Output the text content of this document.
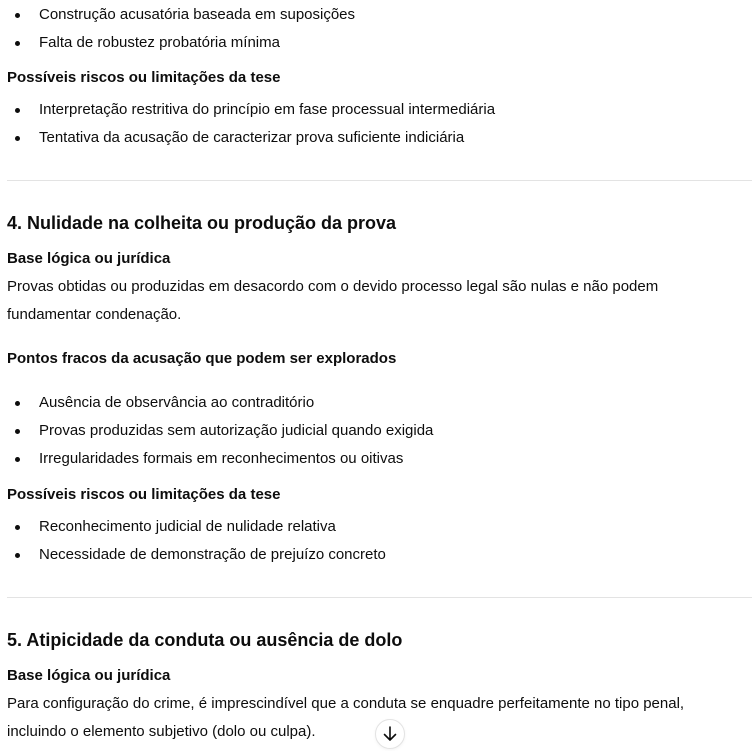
Construção acusatória baseada em suposições
Falta de robustez probatória mínima
Possíveis riscos ou limitações da tese
Interpretação restritiva do princípio em fase processual intermediária
Tentativa da acusação de caracterizar prova suficiente indiciária
4. Nulidade na colheita ou produção da prova
Base lógica ou jurídica
Provas obtidas ou produzidas em desacordo com o devido processo legal são nulas e não podem
fundamentar condenação.
Pontos fracos da acusação que podem ser explorados
Ausência de observância ao contraditório
Provas produzidas sem autorização judicial quando exigida
Irregularidades formais em reconhecimentos ou oitivas
Possíveis riscos ou limitações da tese
Reconhecimento judicial de nulidade relativa
Necessidade de demonstração de prejuízo concreto
5. Atipicidade da conduta ou ausência de dolo
Base lógica ou jurídica
Para configuração do crime, é imprescindível que a conduta se enquadre perfeitamente no tipo penal,
incluindo o elemento subjetivo (dolo ou culpa).
